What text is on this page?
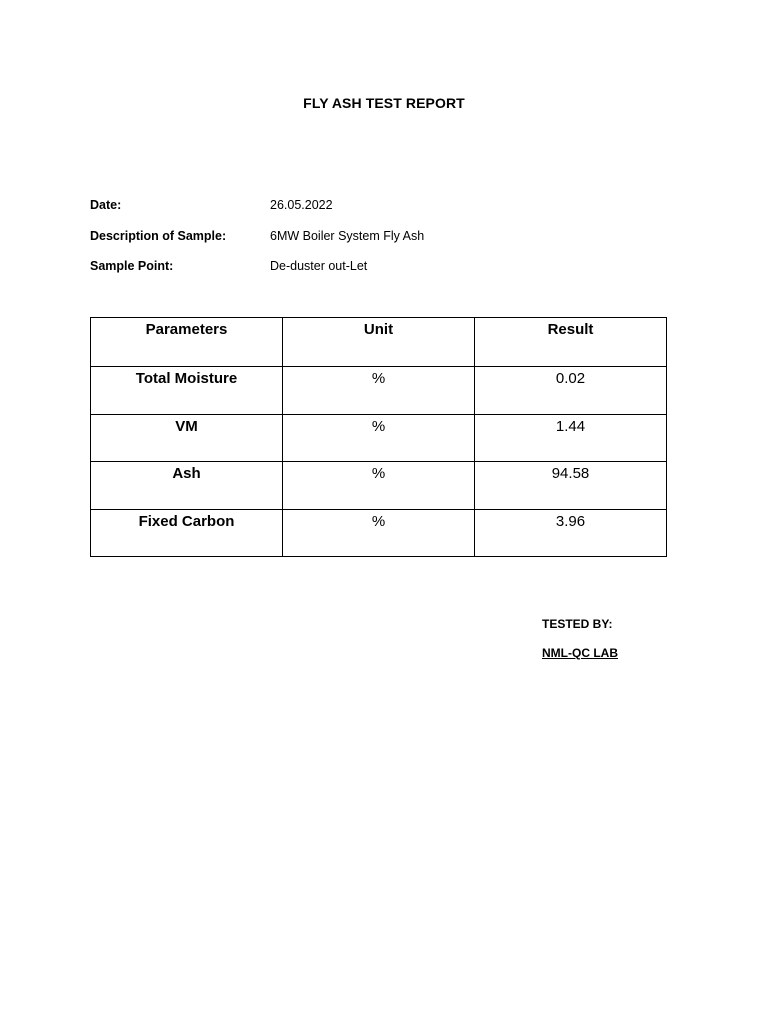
FLY ASH TEST REPORT
Date:	26.05.2022
Description of Sample:	6MW Boiler System Fly Ash
Sample Point:	De-duster out-Let
Parameters	Unit	Result
Total Moisture	%	0.02
VM	%	1.44
Ash	%	94.58
Fixed Carbon	%	3.96
TESTED BY:
NML-QC LAB
